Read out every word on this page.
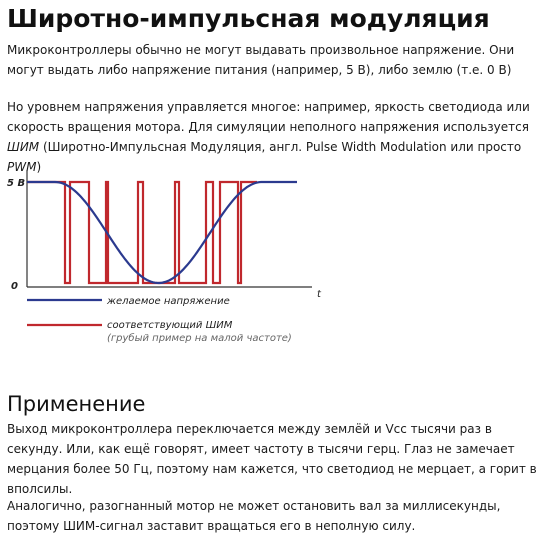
Широтно-импульсная модуляция

Микроконтроллеры обычно не могут выдавать произвольное напряжение. Они могут выдать либо напряжение питания (например, 5 В), либо землю (т.е. 0 В)

Но уровнем напряжения управляется многое: например, яркость светодиода или скорость вращения мотора. Для симуляции неполного напряжения используется ШИМ (Широтно-Импульсная Модуляция, англ. Pulse Width Modulation или просто PWM)

5 В
0
t
желаемое напряжение
соответствующий ШИМ
(грубый пример на малой частоте)
Применение

Выход микроконтроллера переключается между землёй и Vcc тысячи раз в секунду. Или, как ещё говорят, имеет частоту в тысячи герц. Глаз не замечает мерцания более 50 Гц, поэтому нам кажется, что светодиод не мерцает, а горит в вполсилы.

Аналогично, разогнанный мотор не может остановить вал за миллисекунды, поэтому ШИМ-сигнал заставит вращаться его в неполную силу.
